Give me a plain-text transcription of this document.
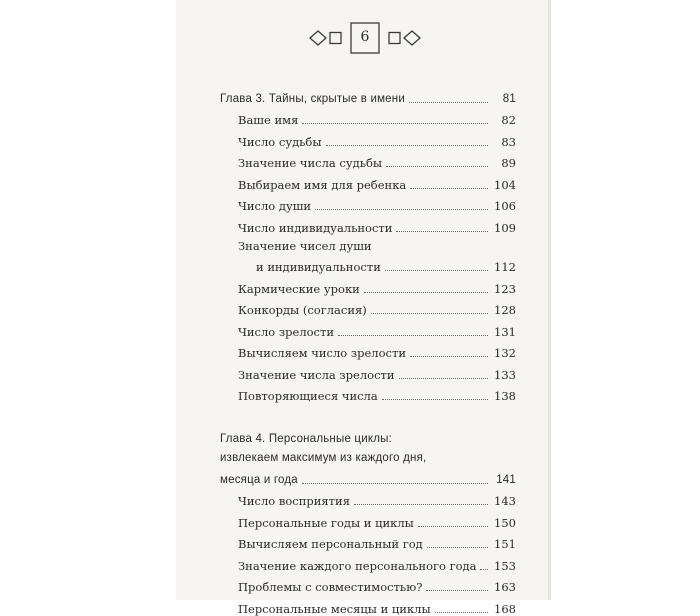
6
Глава 3. Тайны, скрытые в имени	81
Ваше имя	82
Число судьбы	83
Значение числа судьбы	89
Выбираем имя для ребенка	104
Число души	106
Число индивидуальности	109
Значение чисел души
и индивидуальности	112
Кармические уроки	123
Конкорды (согласия)	128
Число зрелости	131
Вычисляем число зрелости	132
Значение числа зрелости	133
Повторяющиеся числа	138
Глава 4. Персональные циклы:
извлекаем максимум из каждого дня,
месяца и года	141
Число восприятия	143
Персональные годы и циклы	150
Вычисляем персональный год	151
Значение каждого персонального года 153
Проблемы с совместимостью?	163
Персональные месяцы и циклы	168
